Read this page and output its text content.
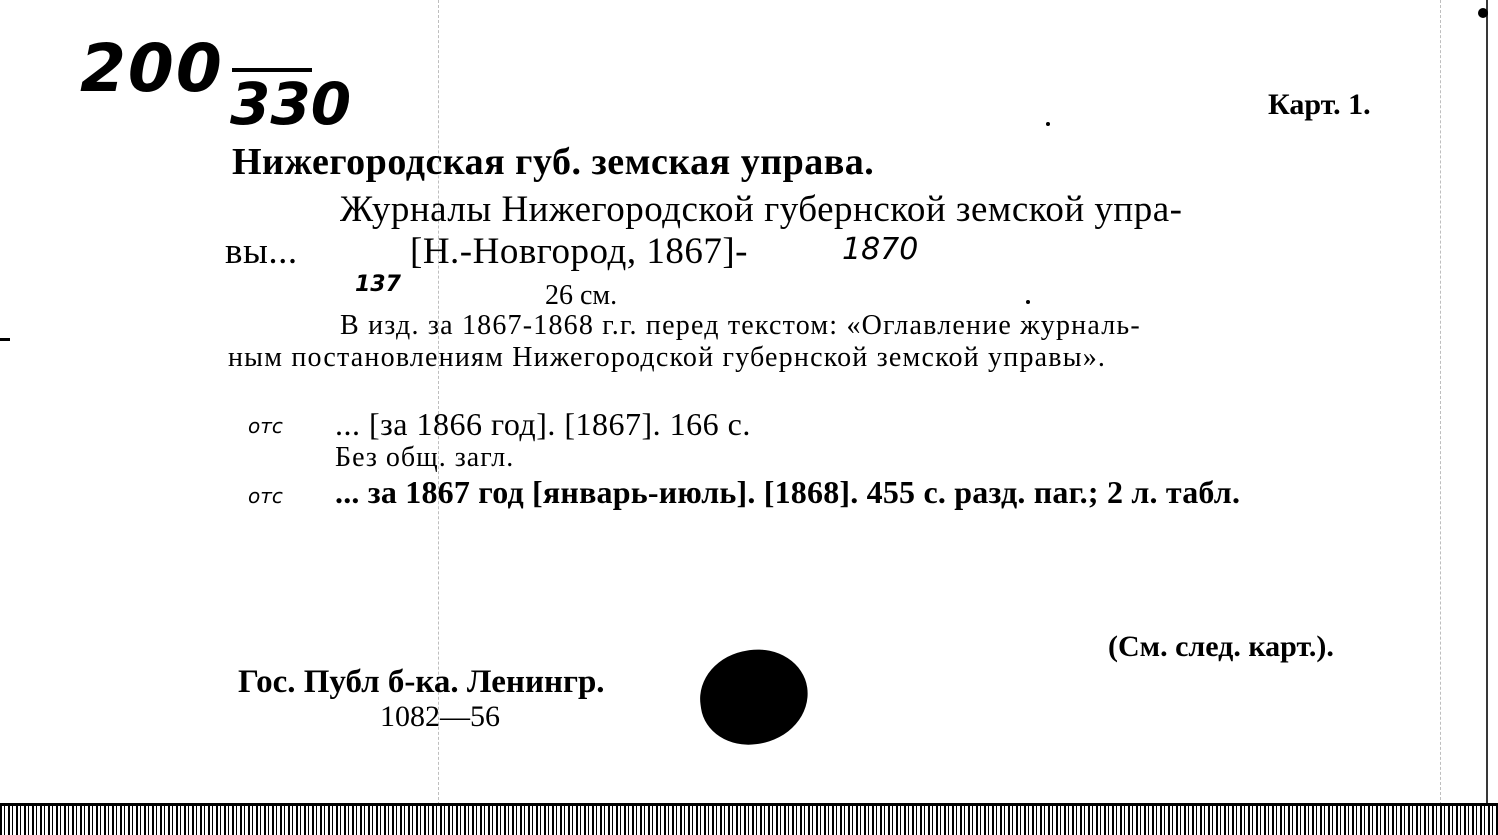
200 330	Карт. 1.
Нижегородская губ. земская управа.
Журналы Нижегородской губернской земской упра-
вы...	[Н.-Новгород, 1867]-	1870
137	26 см.
В изд. за 1867-1868 г.г. перед текстом: «Оглавление журналь-
ным постановлениям Нижегородской губернской земской управы».
отс ... [за 1866 год]. [1867]. 166 с.
Без общ. загл.
отс ... за 1867 год [январь-июль]. [1868]. 455 с. разд. паг.; 2 л. табл.
(См. след. карт.).
Гос. Публ б-ка. Ленингр.
1082—56
